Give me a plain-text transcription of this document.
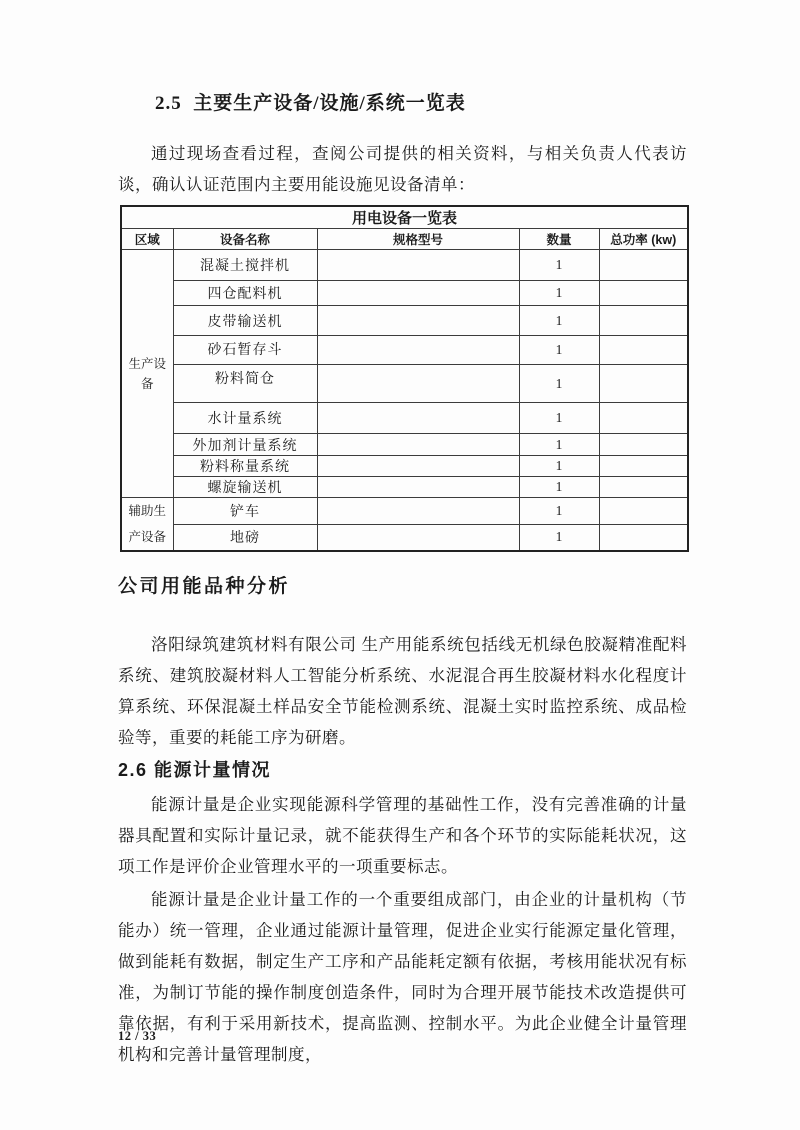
2.5  主要生产设备/设施/系统一览表

通过现场查看过程，查阅公司提供的相关资料，与相关负责人代表访谈，确认认证范围内主要用能设施见设备清单：

用电设备一览表				
区域	设备名称	规格型号	数量	总功率 (kw)
生产设备	混凝土搅拌机		1	
	四仓配料机		1	
	皮带输送机		1	
	砂石暂存斗		1	
	粉料简仓		1	
	水计量系统		1	
	外加剂计量系统		1	
	粉料称量系统		1	
	螺旋输送机		1	
辅助生产设备	铲车		1	
	地磅		1	
公司用能品种分析

洛阳绿筑建筑材料有限公司 生产用能系统包括线无机绿色胶凝精准配料系统、建筑胶凝材料人工智能分析系统、水泥混合再生胶凝材料水化程度计算系统、环保混凝土样品安全节能检测系统、混凝土实时监控系统、成品检验等，重要的耗能工序为研磨。

2.6 能源计量情况

能源计量是企业实现能源科学管理的基础性工作，没有完善准确的计量器具配置和实际计量记录，就不能获得生产和各个环节的实际能耗状况，这项工作是评价企业管理水平的一项重要标志。

能源计量是企业计量工作的一个重要组成部门，由企业的计量机构（节能办）统一管理，企业通过能源计量管理，促进企业实行能源定量化管理，做到能耗有数据，制定生产工序和产品能耗定额有依据，考核用能状况有标准，为制订节能的操作制度创造条件，同时为合理开展节能技术改造提供可靠依据，有利于采用新技术，提高监测、控制水平。为此企业健全计量管理机构和完善计量管理制度，

12 / 33
